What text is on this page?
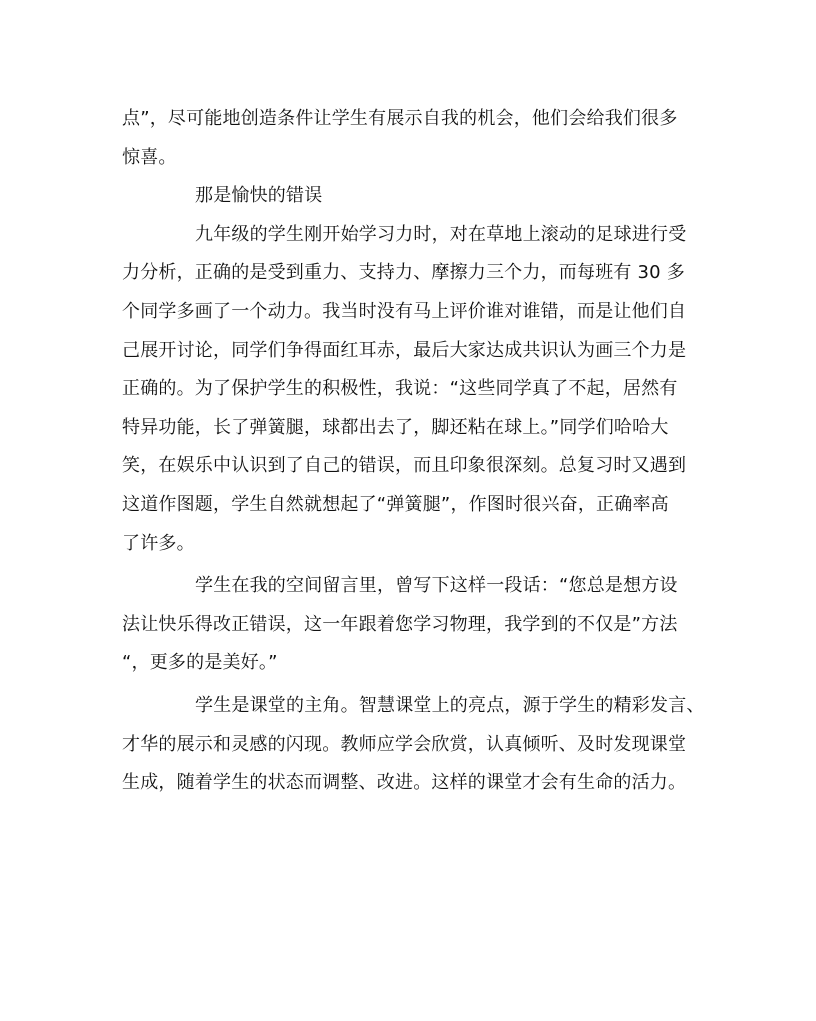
点”，尽可能地创造条件让学生有展示自我的机会，他们会给我们很多
惊喜。
那是愉快的错误
九年级的学生刚开始学习力时，对在草地上滚动的足球进行受
力分析，正确的是受到重力、支持力、摩擦力三个力，而每班有 30 多
个同学多画了一个动力。我当时没有马上评价谁对谁错，而是让他们自
己展开讨论，同学们争得面红耳赤，最后大家达成共识认为画三个力是
正确的。为了保护学生的积极性，我说：“这些同学真了不起，居然有
特异功能，长了弹簧腿，球都出去了，脚还粘在球上。”同学们哈哈大
笑，在娱乐中认识到了自己的错误，而且印象很深刻。总复习时又遇到
这道作图题，学生自然就想起了“弹簧腿”，作图时很兴奋，正确率高
了许多。
学生在我的空间留言里，曾写下这样一段话：“您总是想方设
法让快乐得改正错误，这一年跟着您学习物理，我学到的不仅是”方法
“，更多的是美好。”
学生是课堂的主角。智慧课堂上的亮点，源于学生的精彩发言、
才华的展示和灵感的闪现。教师应学会欣赏，认真倾听、及时发现课堂
生成，随着学生的状态而调整、改进。这样的课堂才会有生命的活力。
